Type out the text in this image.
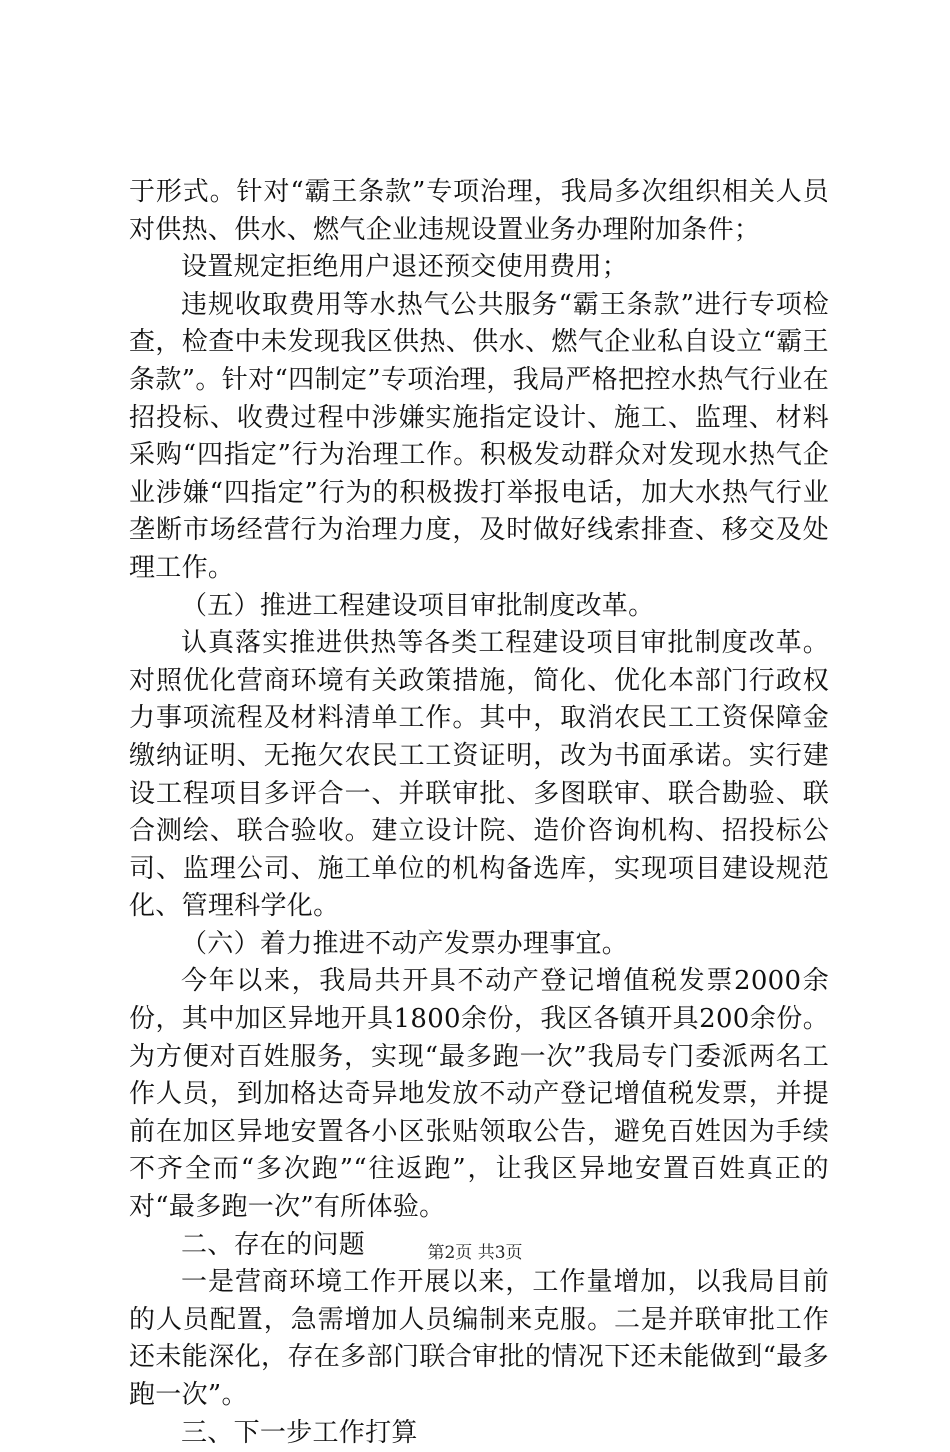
于形式。针对“霸王条款”专项治理，我局多次组织相关人员对供热、供水、燃气企业违规设置业务办理附加条件；

设置规定拒绝用户退还预交使用费用；

违规收取费用等水热气公共服务“霸王条款”进行专项检查，检查中未发现我区供热、供水、燃气企业私自设立“霸王条款”。针对“四制定”专项治理，我局严格把控水热气行业在招投标、收费过程中涉嫌实施指定设计、施工、监理、材料采购“四指定”行为治理工作。积极发动群众对发现水热气企业涉嫌“四指定”行为的积极拨打举报电话，加大水热气行业垄断市场经营行为治理力度，及时做好线索排查、移交及处理工作。

（五）推进工程建设项目审批制度改革。

认真落实推进供热等各类工程建设项目审批制度改革。对照优化营商环境有关政策措施，简化、优化本部门行政权力事项流程及材料清单工作。其中，取消农民工工资保障金缴纳证明、无拖欠农民工工资证明，改为书面承诺。实行建设工程项目多评合一、并联审批、多图联审、联合勘验、联合测绘、联合验收。建立设计院、造价咨询机构、招投标公司、监理公司、施工单位的机构备选库，实现项目建设规范化、管理科学化。

（六）着力推进不动产发票办理事宜。

今年以来，我局共开具不动产登记增值税发票2000余份，其中加区异地开具1800余份，我区各镇开具200余份。为方便对百姓服务，实现“最多跑一次”我局专门委派两名工作人员，到加格达奇异地发放不动产登记增值税发票，并提前在加区异地安置各小区张贴领取公告，避免百姓因为手续不齐全而“多次跑”“往返跑”，让我区异地安置百姓真正的对“最多跑一次”有所体验。

二、存在的问题

一是营商环境工作开展以来，工作量增加，以我局目前的人员配置，急需增加人员编制来克服。二是并联审批工作还未能深化，存在多部门联合审批的情况下还未能做到“最多跑一次”。

三、下一步工作打算

第2页 共3页
